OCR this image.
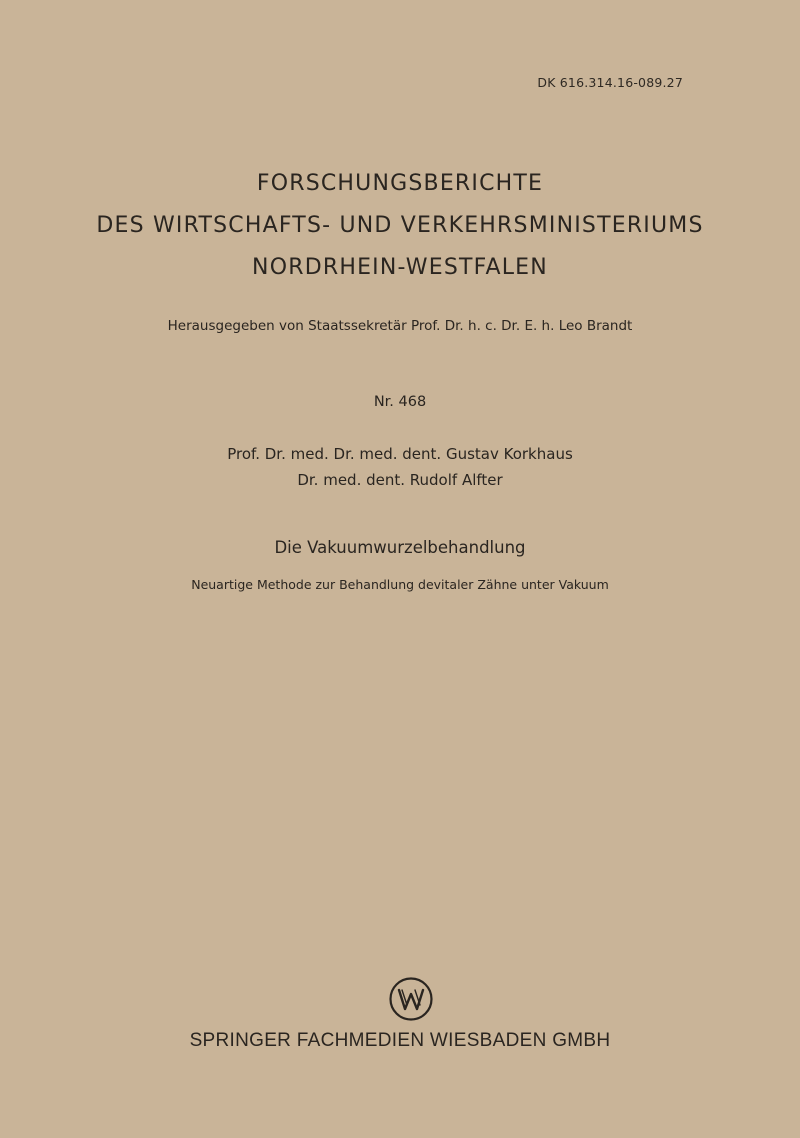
DK 616.314.16-089.27
FORSCHUNGSBERICHTE
DES WIRTSCHAFTS- UND VERKEHRSMINISTERIUMS
NORDRHEIN-WESTFALEN
Herausgegeben von Staatssekretär Prof. Dr. h. c. Dr. E. h. Leo Brandt
Nr. 468
Prof. Dr. med. Dr. med. dent. Gustav Korkhaus
Dr. med. dent. Rudolf Alfter
Die Vakuumwurzelbehandlung
Neuartige Methode zur Behandlung devitaler Zähne unter Vakuum
SPRINGER FACHMEDIEN WIESBADEN GMBH
